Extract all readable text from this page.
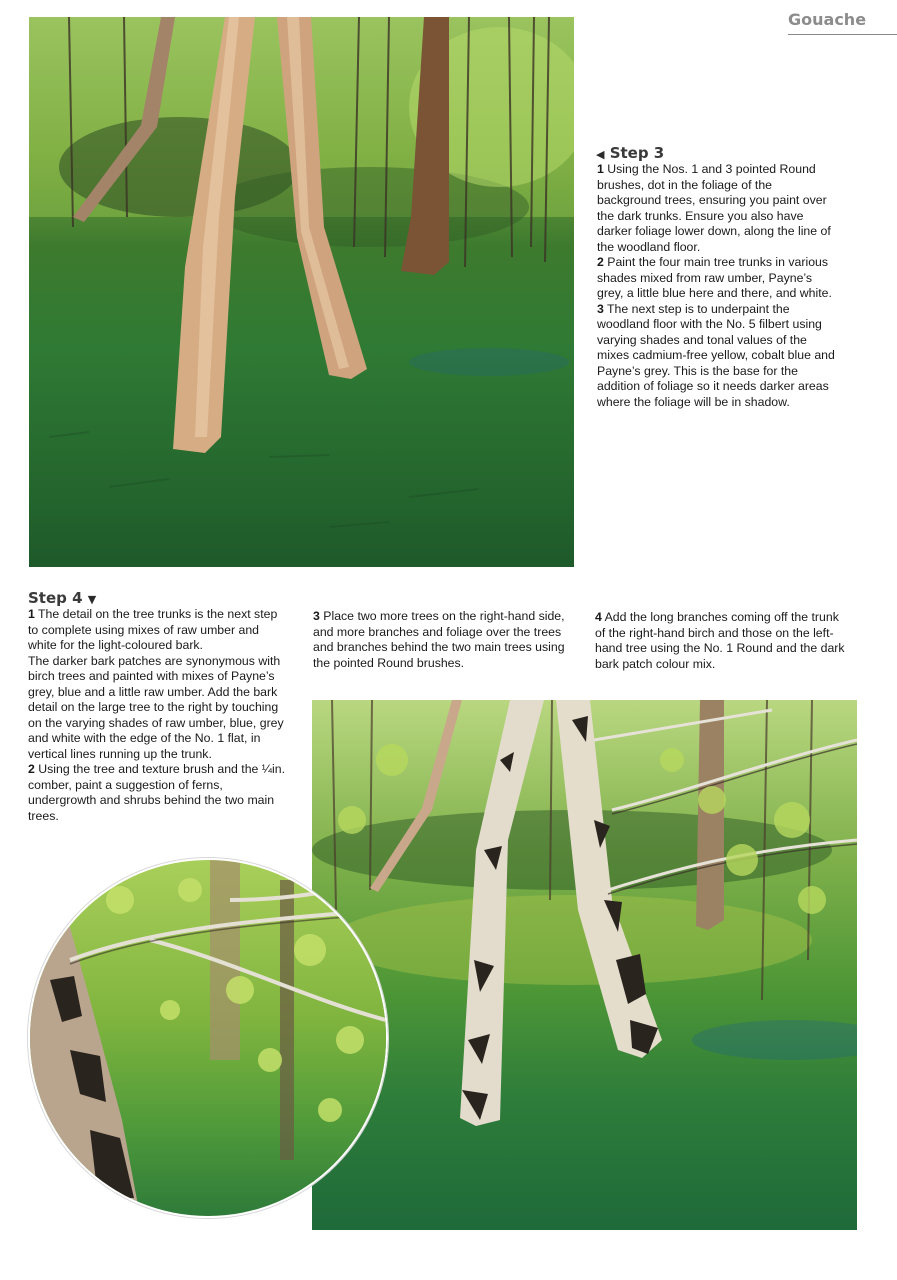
Gouache
◀ Step 3

1 Using the Nos. 1 and 3 pointed Round brushes, dot in the foliage of the background trees, ensuring you paint over the dark trunks. Ensure you also have darker foliage lower down, along the line of the woodland floor.

2 Paint the four main tree trunks in various shades mixed from raw umber, Payne’s grey, a little blue here and there, and white.

3 The next step is to underpaint the woodland floor with the No. 5 filbert using varying shades and tonal values of the mixes cadmium-free yellow, cobalt blue and Payne’s grey. This is the base for the addition of foliage so it needs darker areas where the foliage will be in shadow.

Step 4 ▼

1 The detail on the tree trunks is the next step to complete using mixes of raw umber and white for the light-coloured bark.

The darker bark patches are synonymous with birch trees and painted with mixes of Payne’s grey, blue and a little raw umber. Add the bark detail on the large tree to the right by touching on the varying shades of raw umber, blue, grey and white with the edge of the No. 1 flat, in vertical lines running up the trunk.

2 Using the tree and texture brush and the ¼in. comber, paint a suggestion of ferns, undergrowth and shrubs behind the two main trees.

3 Place two more trees on the right-hand side, and more branches and foliage over the trees and branches behind the two main trees using the pointed Round brushes.

4 Add the long branches coming off the trunk of the right-hand birch and those on the left-hand tree using the No. 1 Round and the dark bark patch colour mix.
